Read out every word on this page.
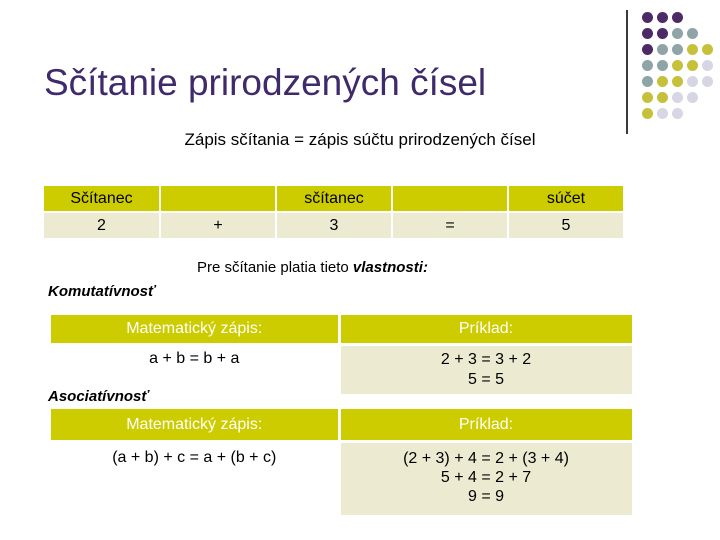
Sčítanie prirodzených čísel
Zápis sčítania = zápis súčtu prirodzených čísel
Sčítanec		sčítanec		súčet
2	+	3	=	5
Pre sčítanie platia tieto vlastnosti:
Komutatívnosť
Matematický zápis:	Príklad:
a + b = b + a	2 + 3 = 3 + 2
5 = 5
Asociatívnosť
Matematický zápis:	Príklad:
(a + b) + c = a + (b + c)	(2 + 3) + 4 = 2 + (3 + 4)
5 + 4 = 2 + 7
9 = 9
